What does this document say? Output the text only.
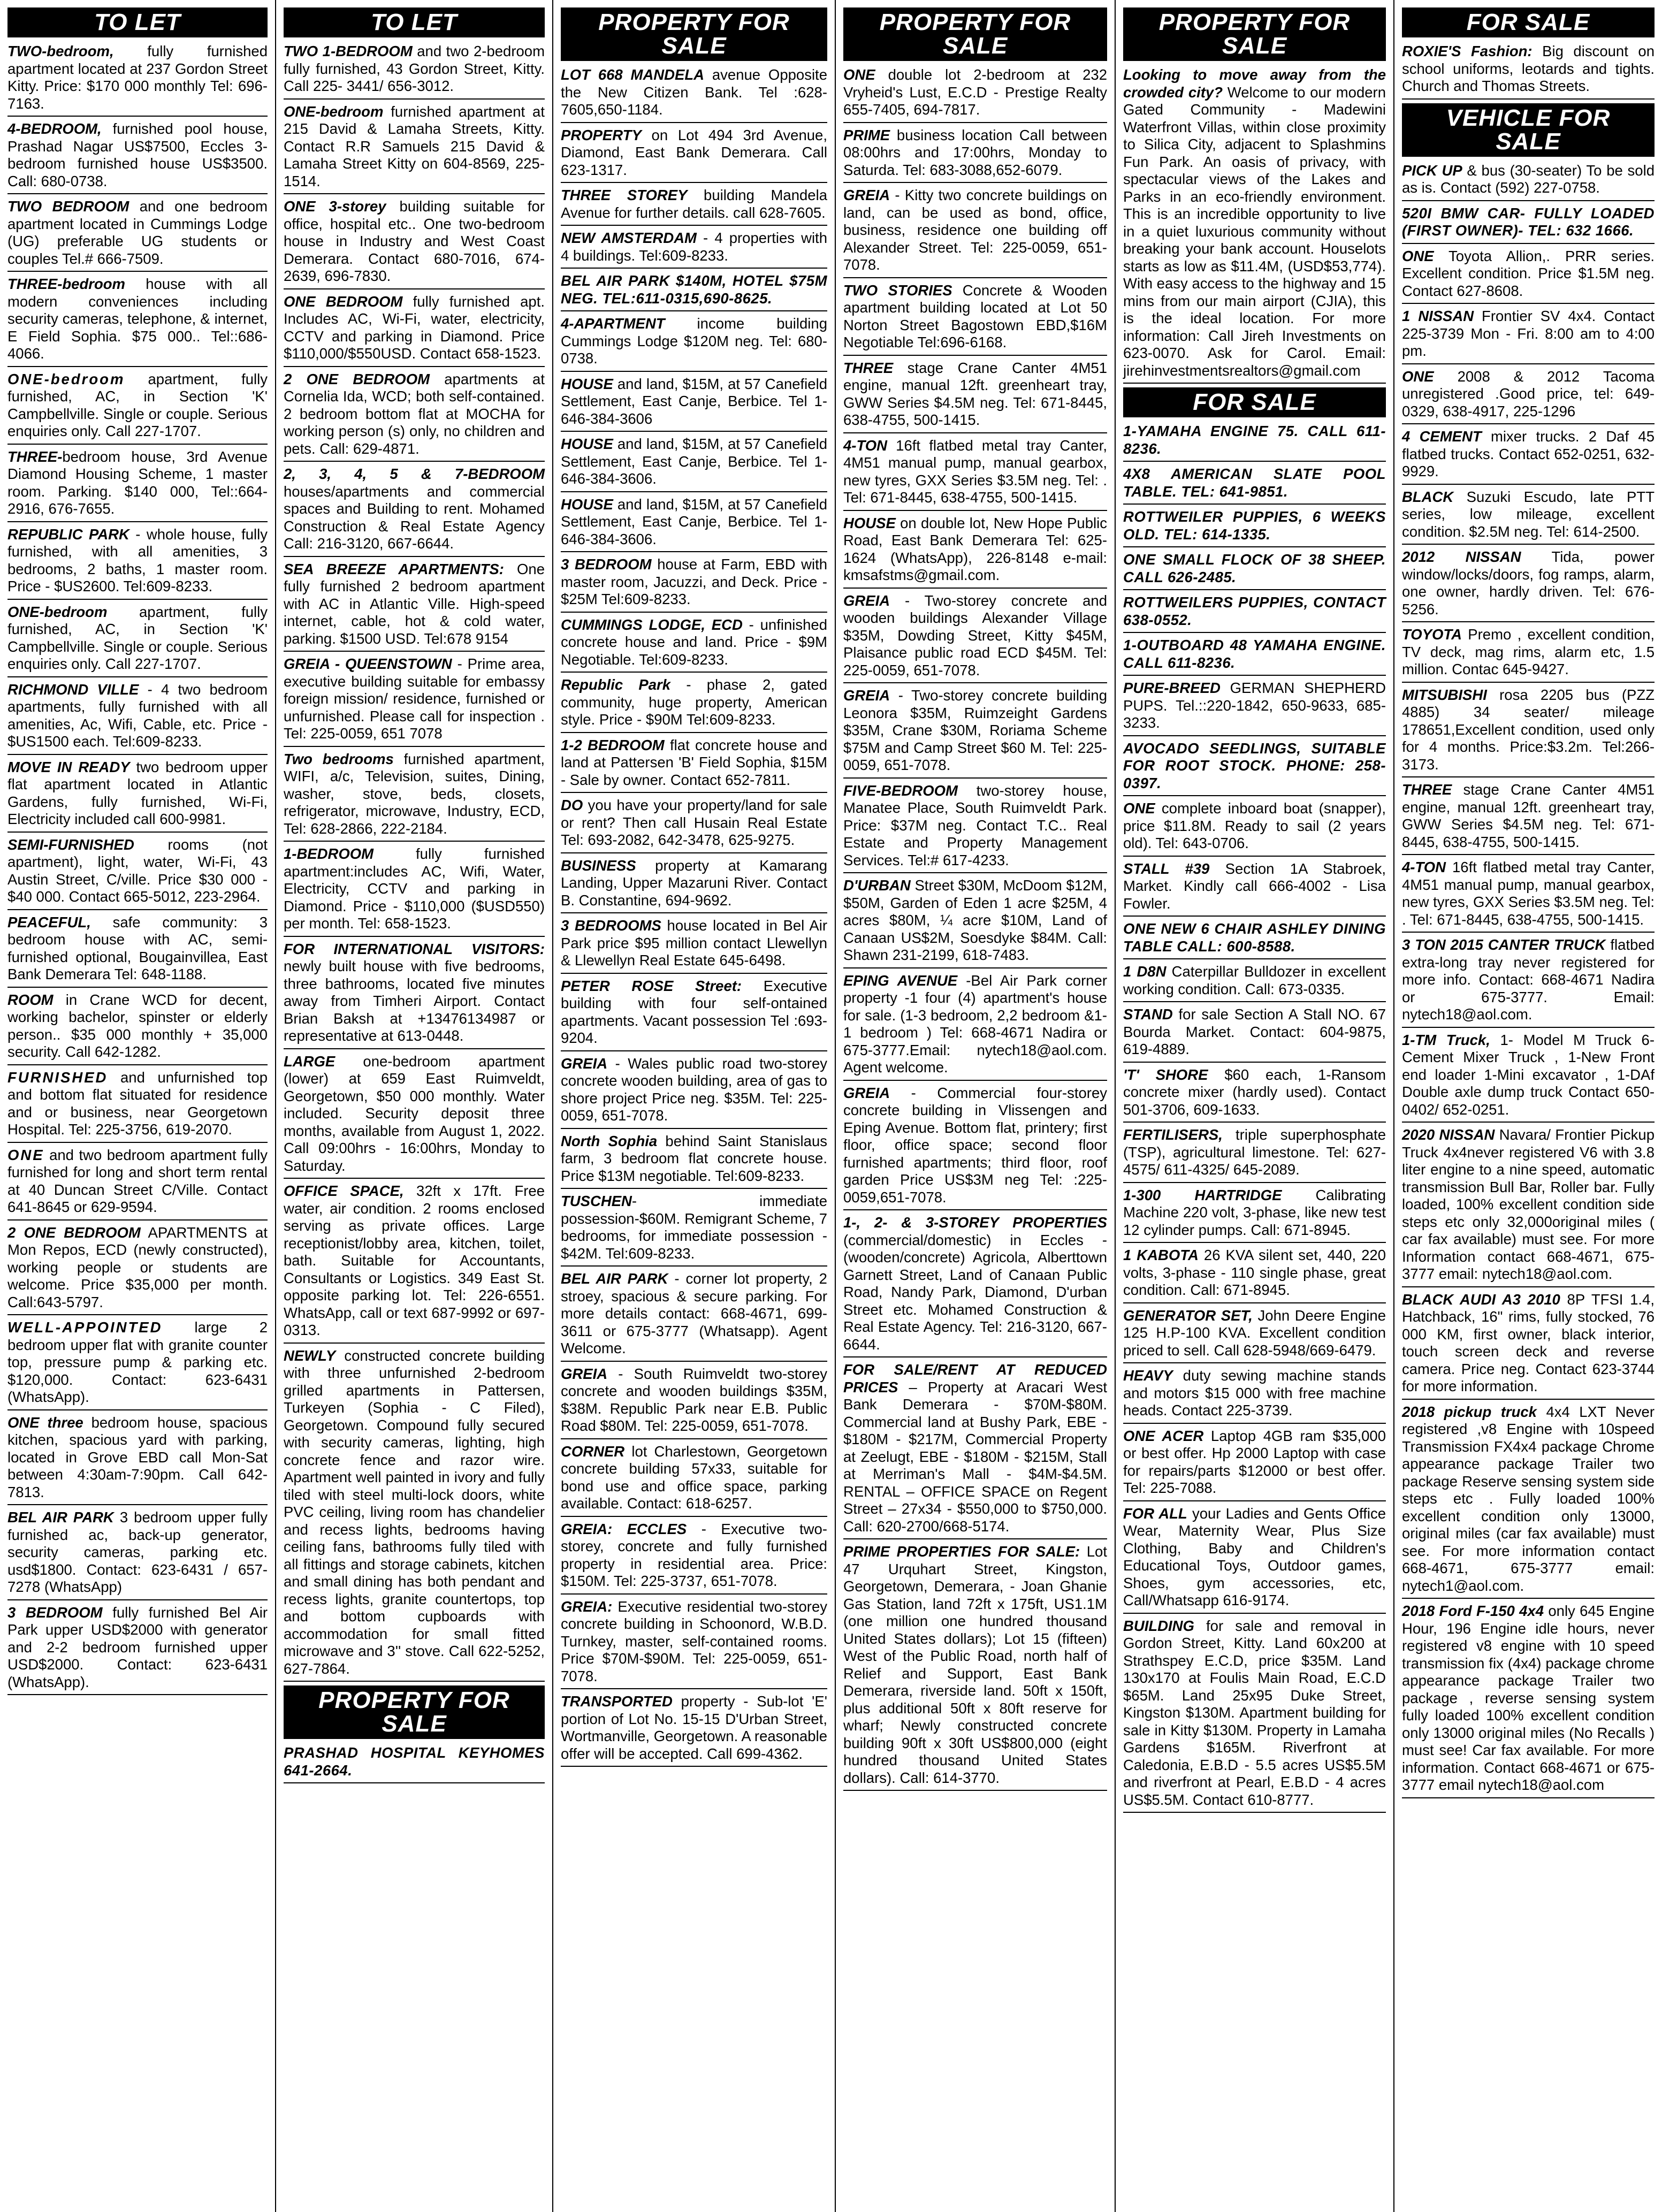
TO LET
TWO-bedroom, fully furnished apartment located at 237 Gordon Street Kitty. Price: $170 000 monthly Tel: 696-7163.
4-BEDROOM, furnished pool house, Prashad Nagar US$7500, Eccles 3-bedroom furnished house US$3500. Call: 680-0738.
TWO BEDROOM and one bedroom apartment located in Cummings Lodge (UG) preferable UG students or couples Tel.# 666-7509.
THREE-bedroom house with all modern conveniences including security cameras, telephone, & internet, E Field Sophia. $75 000.. Tel::686-4066.
ONE-bedroom apartment, fully furnished, AC, in Section 'K' Campbellville. Single or couple. Serious enquiries only. Call 227-1707.
THREE-bedroom house, 3rd Avenue Diamond Housing Scheme, 1 master room. Parking. $140 000, Tel::664-2916, 676-7655.
REPUBLIC PARK - whole house, fully furnished, with all amenities, 3 bedrooms, 2 baths, 1 master room. Price - $US2600. Tel:609-8233.
ONE-bedroom apartment, fully furnished, AC, in Section 'K' Campbellville. Single or couple. Serious enquiries only. Call 227-1707.
RICHMOND VILLE - 4 two bedroom apartments, fully furnished with all amenities, Ac, Wifi, Cable, etc. Price - $US1500 each. Tel:609-8233.
MOVE IN READY two bedroom upper flat apartment located in Atlantic Gardens, fully furnished, Wi-Fi, Electricity included call 600-9981.
SEMI-FURNISHED rooms (not apartment), light, water, Wi-Fi, 43 Austin Street, C/ville. Price $30 000 - $40 000. Contact 665-5012, 223-2964.
PEACEFUL, safe community: 3 bedroom house with AC, semi-furnished optional, Bougainvillea, East Bank Demerara Tel: 648-1188.
ROOM in Crane WCD for decent, working bachelor, spinster or elderly person.. $35 000 monthly + 35,000 security. Call 642-1282.
FURNISHED and unfurnished top and bottom flat situated for residence and or business, near Georgetown Hospital. Tel: 225-3756, 619-2070.
ONE and two bedroom apartment fully furnished for long and short term rental at 40 Duncan Street C/Ville. Contact 641-8645 or 629-9594.
2 ONE BEDROOM APARTMENTS at Mon Repos, ECD (newly constructed), working people or students are welcome. Price $35,000 per month. Call:643-5797.
WELL-APPOINTED large 2 bedroom upper flat with granite counter top, pressure pump & parking etc. $120,000. Contact: 623-6431 (WhatsApp).
ONE three bedroom house, spacious kitchen, spacious yard with parking, located in Grove EBD call Mon-Sat between 4:30am-7:90pm. Call 642-7813.
BEL AIR PARK 3 bedroom upper fully furnished ac, back-up generator, security cameras, parking etc. usd$1800. Contact: 623-6431 / 657-7278 (WhatsApp)
3 BEDROOM fully furnished Bel Air Park upper USD$2000 with generator and 2-2 bedroom furnished upper USD$2000. Contact: 623-6431 (WhatsApp).
TO LET
TWO 1-BEDROOM and two 2-bedroom fully furnished, 43 Gordon Street, Kitty. Call 225- 3441/ 656-3012.
ONE-bedroom furnished apartment at 215 David & Lamaha Streets, Kitty. Contact R.R Samuels 215 David & Lamaha Street Kitty on 604-8569, 225-1514.
ONE 3-storey building suitable for office, hospital etc.. One two-bedroom house in Industry and West Coast Demerara. Contact 680-7016, 674-2639, 696-7830.
ONE BEDROOM fully furnished apt. Includes AC, Wi-Fi, water, electricity, CCTV and parking in Diamond. Price $110,000/$550USD. Contact 658-1523.
2 ONE BEDROOM apartments at Cornelia Ida, WCD; both self-contained. 2 bedroom bottom flat at MOCHA for working person (s) only, no children and pets. Call: 629-4871.
2, 3, 4, 5 & 7-BEDROOM houses/apartments and commercial spaces and Building to rent. Mohamed Construction & Real Estate Agency Call: 216-3120, 667-6644.
SEA BREEZE APARTMENTS: One fully furnished 2 bedroom apartment with AC in Atlantic Ville. High-speed internet, cable, hot & cold water, parking. $1500 USD. Tel:678 9154
GREIA - QUEENSTOWN - Prime area, executive building suitable for embassy foreign mission/ residence, furnished or unfurnished. Please call for inspection . Tel: 225-0059, 651 7078
Two bedrooms furnished apartment, WIFI, a/c, Television, suites, Dining, washer, stove, beds, closets, refrigerator, microwave, Industry, ECD, Tel: 628-2866, 222-2184.
1-BEDROOM fully furnished apartment:includes AC, Wifi, Water, Electricity, CCTV and parking in Diamond. Price - $110,000 ($USD550) per month. Tel: 658-1523.
FOR INTERNATIONAL VISITORS: newly built house with five bedrooms, three bathrooms, located five minutes away from Timheri Airport. Contact Brian Baksh at +13476134987 or representative at 613-0448.
LARGE one-bedroom apartment (lower) at 659 East Ruimveldt, Georgetown, $50 000 monthly. Water included. Security deposit three months, available from August 1, 2022. Call 09:00hrs - 16:00hrs, Monday to Saturday.
OFFICE SPACE, 32ft x 17ft. Free water, air condition. 2 rooms enclosed serving as private offices. Large receptionist/lobby area, kitchen, toilet, bath. Suitable for Accountants, Consultants or Logistics. 349 East St. opposite parking lot. Tel: 226-6551. WhatsApp, call or text 687-9992 or 697-0313.
NEWLY constructed concrete building with three unfurnished 2-bedroom grilled apartments in Pattersen, Turkeyen (Sophia - C Filed), Georgetown. Compound fully secured with security cameras, lighting, high concrete fence and razor wire. Apartment well painted in ivory and fully tiled with steel multi-lock doors, white PVC ceiling, living room has chandelier and recess lights, bedrooms having ceiling fans, bathrooms fully tiled with all fittings and storage cabinets, kitchen and small dining has both pendant and recess lights, granite countertops, top and bottom cupboards with accommodation for small fitted microwave and 3'' stove. Call 622-5252, 627-7864.
PROPERTY FOR
SALE
PRASHAD HOSPITAL KEYHOMES 641-2664.
PROPERTY FOR
SALE
LOT 668 MANDELA avenue Opposite the New Citizen Bank. Tel :628-7605,650-1184.
PROPERTY on Lot 494 3rd Avenue, Diamond, East Bank Demerara. Call 623-1317.
THREE STOREY building Mandela Avenue for further details. call 628-7605.
NEW AMSTERDAM - 4 properties with 4 buildings. Tel:609-8233.
BEL AIR PARK $140M, HOTEL $75M NEG. TEL:611-0315,690-8625.
4-APARTMENT income building Cummings Lodge $120M neg. Tel: 680-0738.
HOUSE and land, $15M, at 57 Canefield Settlement, East Canje, Berbice. Tel 1-646-384-3606
HOUSE and land, $15M, at 57 Canefield Settlement, East Canje, Berbice. Tel 1-646-384-3606.
HOUSE and land, $15M, at 57 Canefield Settlement, East Canje, Berbice. Tel 1-646-384-3606.
3 BEDROOM house at Farm, EBD with master room, Jacuzzi, and Deck. Price - $25M Tel:609-8233.
CUMMINGS LODGE, ECD - unfinished concrete house and land. Price - $9M Negotiable. Tel:609-8233.
Republic Park - phase 2, gated community, huge property, American style. Price - $90M Tel:609-8233.
1-2 BEDROOM flat concrete house and land at Pattersen 'B' Field Sophia, $15M - Sale by owner. Contact 652-7811.
DO you have your property/land for sale or rent? Then call Husain Real Estate Tel: 693-2082, 642-3478, 625-9275.
BUSINESS property at Kamarang Landing, Upper Mazaruni River. Contact B. Constantine, 694-9692.
3 BEDROOMS house located in Bel Air Park price $95 million contact Llewellyn & Llewellyn Real Estate 645-6498.
PETER ROSE Street: Executive building with four self-ontained apartments. Vacant possession Tel :693-9204.
GREIA - Wales public road two-storey concrete wooden building, area of gas to shore project Price neg. $35M. Tel: 225-0059, 651-7078.
North Sophia behind Saint Stanislaus farm, 3 bedroom flat concrete house. Price $13M negotiable. Tel:609-8233.
TUSCHEN- immediate possession-$60M. Remigrant Scheme, 7 bedrooms, for immediate possession - $42M. Tel:609-8233.
BEL AIR PARK - corner lot property, 2 stroey, spacious & secure parking. For more details contact: 668-4671, 699-3611 or 675-3777 (Whatsapp). Agent Welcome.
GREIA - South Ruimveldt two-storey concrete and wooden buildings $35M, $38M. Republic Park near E.B. Public Road $80M. Tel: 225-0059, 651-7078.
CORNER lot Charlestown, Georgetown concrete building 57x33, suitable for bond use and office space, parking available. Contact: 618-6257.
GREIA: ECCLES - Executive two-storey, concrete and fully furnished property in residential area. Price: $150M. Tel: 225-3737, 651-7078.
GREIA: Executive residential two-storey concrete building in Schoonord, W.B.D. Turnkey, master, self-contained rooms. Price $70M-$90M. Tel: 225-0059, 651-7078.
TRANSPORTED property - Sub-lot 'E' portion of Lot No. 15-15 D'Urban Street, Wortmanville, Georgetown. A reasonable offer will be accepted. Call 699-4362.
PROPERTY FOR
SALE
ONE double lot 2-bedroom at 232 Vryheid's Lust, E.C.D - Prestige Realty 655-7405, 694-7817.
PRIME business location Call between 08:00hrs and 17:00hrs, Monday to Saturda. Tel: 683-3088,652-6079.
GREIA - Kitty two concrete buildings on land, can be used as bond, office, business, residence one building off Alexander Street. Tel: 225-0059, 651-7078.
TWO STORIES Concrete & Wooden apartment building located at Lot 50 Norton Street Bagostown EBD,$16M Negotiable Tel:696-6168.
THREE stage Crane Canter 4M51 engine, manual 12ft. greenheart tray, GWW Series $4.5M neg. Tel: 671-8445, 638-4755, 500-1415.
4-TON 16ft flatbed metal tray Canter, 4M51 manual pump, manual gearbox, new tyres, GXX Series $3.5M neg. Tel: . Tel: 671-8445, 638-4755, 500-1415.
HOUSE on double lot, New Hope Public Road, East Bank Demerara Tel: 625-1624 (WhatsApp), 226-8148 e-mail: kmsafstms@gmail.com.
GREIA - Two-storey concrete and wooden buildings Alexander Village $35M, Dowding Street, Kitty $45M, Plaisance public road ECD $45M. Tel: 225-0059, 651-7078.
GREIA - Two-storey concrete building Leonora $35M, Ruimzeight Gardens $35M, Crane $30M, Roriama Scheme $75M and Camp Street $60 M. Tel: 225-0059, 651-7078.
FIVE-BEDROOM two-storey house, Manatee Place, South Ruimveldt Park. Price: $37M neg. Contact T.C.. Real Estate and Property Management Services. Tel:# 617-4233.
D'URBAN Street $30M, McDoom $12M, $50M, Garden of Eden 1 acre $25M, 4 acres $80M, ¼ acre $10M, Land of Canaan US$2M, Soesdyke $84M. Call: Shawn 231-2199, 618-7483.
EPING AVENUE -Bel Air Park corner property -1 four (4) apartment's house for sale. (1-3 bedroom, 2,2 bedroom &1-1 bedroom ) Tel: 668-4671 Nadira or 675-3777.Email: nytech18@aol.com. Agent welcome.
GREIA - Commercial four-storey concrete building in Vlissengen and Eping Avenue. Bottom flat, printery; first floor, office space; second floor furnished apartments; third floor, roof garden Price US$3M neg Tel: :225-0059,651-7078.
1-, 2- & 3-STOREY PROPERTIES (commercial/domestic) in Eccles - (wooden/concrete) Agricola, Alberttown Garnett Street, Land of Canaan Public Road, Nandy Park, Diamond, D'urban Street etc. Mohamed Construction & Real Estate Agency. Tel: 216-3120, 667-6644.
FOR SALE/RENT AT REDUCED PRICES – Property at Aracari West Bank Demerara - $70M-$80M. Commercial land at Bushy Park, EBE - $180M - $217M, Commercial Property at Zeelugt, EBE - $180M - $215M, Stall at Merriman's Mall - $4M-$4.5M. RENTAL – OFFICE SPACE on Regent Street – 27x34 - $550,000 to $750,000. Call: 620-2700/668-5174.
PRIME PROPERTIES FOR SALE: Lot 47 Urquhart Street, Kingston, Georgetown, Demerara, - Joan Ghanie Gas Station, land 72ft x 175ft, US1.1M (one million one hundred thousand United States dollars); Lot 15 (fifteen) West of the Public Road, north half of Relief and Support, East Bank Demerara, riverside land. 50ft x 150ft, plus additional 50ft x 80ft reserve for wharf; Newly constructed concrete building 90ft x 30ft US$800,000 (eight hundred thousand United States dollars). Call: 614-3770.
PROPERTY FOR
SALE
Looking to move away from the crowded city? Welcome to our modern Gated Community - Madewini Waterfront Villas, within close proximity to Silica City, adjacent to Splashmins Fun Park. An oasis of privacy, with spectacular views of the Lakes and Parks in an eco-friendly environment. This is an incredible opportunity to live in a quiet luxurious community without breaking your bank account. Houselots starts as low as $11.4M, (USD$53,774). With easy access to the highway and 15 mins from our main airport (CJIA), this is the ideal location. For more information: Call Jireh Investments on 623-0070. Ask for Carol. Email: jirehinvestmentsrealtors@gmail.com
FOR SALE
1-YAMAHA ENGINE 75. CALL 611-8236.
4X8 AMERICAN SLATE POOL TABLE. TEL: 641-9851.
ROTTWEILER PUPPIES, 6 WEEKS OLD. TEL: 614-1335.
ONE SMALL FLOCK OF 38 SHEEP. CALL 626-2485.
ROTTWEILERS PUPPIES, CONTACT 638-0552.
1-OUTBOARD 48 YAMAHA ENGINE. CALL 611-8236.
PURE-BREED GERMAN SHEPHERD PUPS. Tel.::220-1842, 650-9633, 685-3233.
AVOCADO SEEDLINGS, SUITABLE FOR ROOT STOCK. PHONE: 258-0397.
ONE complete inboard boat (snapper), price $11.8M. Ready to sail (2 years old). Tel: 643-0706.
STALL #39 Section 1A Stabroek, Market. Kindly call 666-4002 - Lisa Fowler.
ONE NEW 6 CHAIR ASHLEY DINING TABLE CALL: 600-8588.
1 D8N Caterpillar Bulldozer in excellent working condition. Call: 673-0335.
STAND for sale Section A Stall NO. 67 Bourda Market. Contact: 604-9875, 619-4889.
'T' SHORE $60 each, 1-Ransom concrete mixer (hardly used). Contact 501-3706, 609-1633.
FERTILISERS, triple superphosphate (TSP), agricultural limestone. Tel: 627-4575/ 611-4325/ 645-2089.
1-300 HARTRIDGE Calibrating Machine 220 volt, 3-phase, like new test 12 cylinder pumps. Call: 671-8945.
1 KABOTA 26 KVA silent set, 440, 220 volts, 3-phase - 110 single phase, great condition. Call: 671-8945.
GENERATOR SET, John Deere Engine 125 H.P-100 KVA. Excellent condition priced to sell. Call 628-5948/669-6479.
HEAVY duty sewing machine stands and motors $15 000 with free machine heads. Contact 225-3739.
ONE ACER Laptop 4GB ram $35,000 or best offer. Hp 2000 Laptop with case for repairs/parts $12000 or best offer. Tel: 225-7088.
FOR ALL your Ladies and Gents Office Wear, Maternity Wear, Plus Size Clothing, Baby and Children's Educational Toys, Outdoor games, Shoes, gym accessories, etc, Call/Whatsapp 616-9174.
BUILDING for sale and removal in Gordon Street, Kitty. Land 60x200 at Strathspey E.C.D, price $35M. Land 130x170 at Foulis Main Road, E.C.D $65M. Land 25x95 Duke Street, Kingston $130M. Apartment building for sale in Kitty $130M. Property in Lamaha Gardens $165M. Riverfront at Caledonia, E.B.D - 5.5 acres US$5.5M and riverfront at Pearl, E.B.D - 4 acres US$5.5M. Contact 610-8777.
FOR SALE
ROXIE'S Fashion: Big discount on school uniforms, leotards and tights. Church and Thomas Streets.
VEHICLE FOR
SALE
PICK UP & bus (30-seater) To be sold as is. Contact (592) 227-0758.
520I BMW CAR- FULLY LOADED (FIRST OWNER)- TEL: 632 1666.
ONE Toyota Allion,. PRR series. Excellent condition. Price $1.5M neg. Contact 627-8608.
1 NISSAN Frontier SV 4x4. Contact 225-3739 Mon - Fri. 8:00 am to 4:00 pm.
ONE 2008 & 2012 Tacoma unregistered .Good price, tel: 649-0329, 638-4917, 225-1296
4 CEMENT mixer trucks. 2 Daf 45 flatbed trucks. Contact 652-0251, 632-9929.
BLACK Suzuki Escudo, late PTT series, low mileage, excellent condition. $2.5M neg. Tel: 614-2500.
2012 NISSAN Tida, power window/locks/doors, fog ramps, alarm, one owner, hardly driven. Tel: 676-5256.
TOYOTA Premo , excellent condition, TV deck, mag rims, alarm etc, 1.5 million. Contac 645-9427.
MITSUBISHI rosa 2205 bus (PZZ 4885) 34 seater/ mileage 178651,Excellent condition, used only for 4 months. Price:$3.2m. Tel:266-3173.
THREE stage Crane Canter 4M51 engine, manual 12ft. greenheart tray, GWW Series $4.5M neg. Tel: 671-8445, 638-4755, 500-1415.
4-TON 16ft flatbed metal tray Canter, 4M51 manual pump, manual gearbox, new tyres, GXX Series $3.5M neg. Tel: . Tel: 671-8445, 638-4755, 500-1415.
3 TON 2015 CANTER TRUCK flatbed extra-long tray never registered for more info. Contact: 668-4671 Nadira or 675-3777. Email: nytech18@aol.com.
1-TM Truck, 1- Model M Truck 6-Cement Mixer Truck , 1-New Front end loader 1-Mini excavator , 1-DAf Double axle dump truck Contact 650-0402/ 652-0251.
2020 NISSAN Navara/ Frontier Pickup Truck 4x4never registered V6 with 3.8 liter engine to a nine speed, automatic transmission Bull Bar, Roller bar. Fully loaded, 100% excellent condition side steps etc only 32,000original miles ( car fax available) must see. For more Information contact 668-4671, 675-3777 email: nytech18@aol.com.
BLACK AUDI A3 2010 8P TFSI 1.4, Hatchback, 16" rims, fully stocked, 76 000 KM, first owner, black interior, touch screen deck and reverse camera. Price neg. Contact 623-3744 for more information.
2018 pickup truck 4x4 LXT Never registered ,v8 Engine with 10speed Transmission FX4x4 package Chrome appearance package Trailer two package Reserve sensing system side steps etc . Fully loaded 100% excellent condition only 13000, original miles (car fax available) must see. For more information contact 668-4671, 675-3777 email: nytech1@aol.com.
2018 Ford F-150 4x4 only 645 Engine Hour, 196 Engine idle hours, never registered v8 engine with 10 speed transmission fix (4x4) package chrome appearance package Trailer two package , reverse sensing system fully loaded 100% excellent condition only 13000 original miles (No Recalls ) must see! Car fax available. For more information. Contact 668-4671 or 675-3777 email nytech18@aol.com
